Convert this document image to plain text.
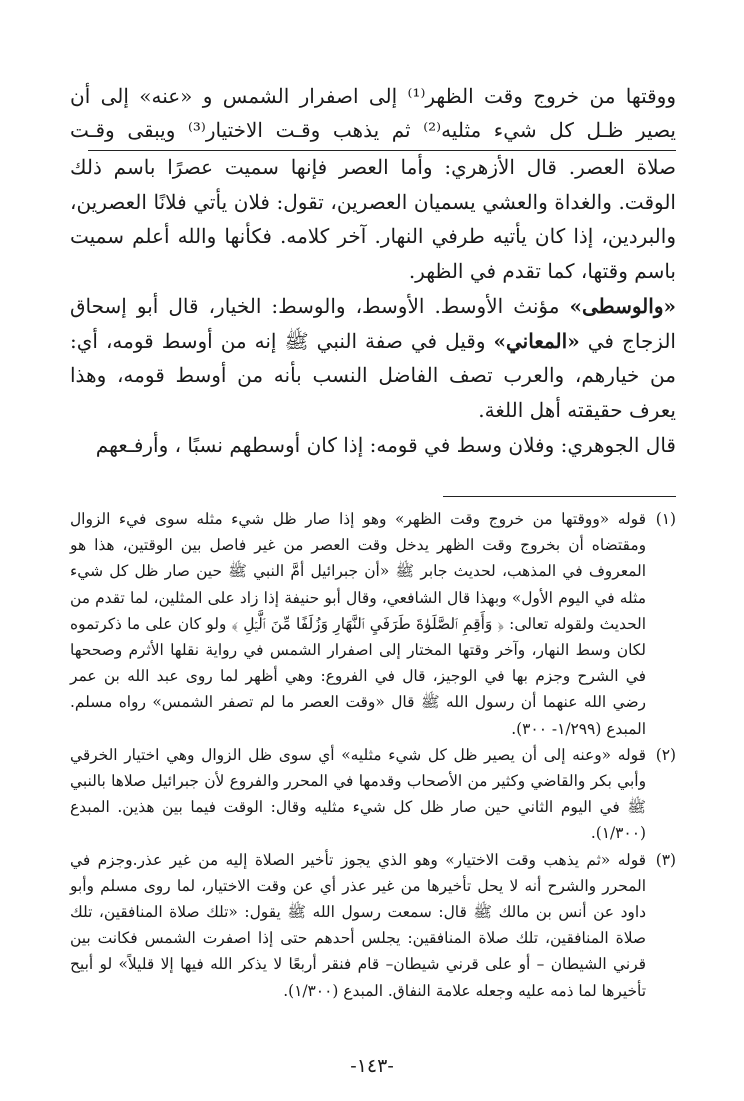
ووقتها من خروج وقت الظهر⁽¹⁾ إلى اصفرار الشمس و «عنه» إلى أن
يصير ظـل كل شيء مثليه⁽²⁾ ثم يذهب وقـت الاختيار⁽³⁾ ويبقى وقـت

صلاة العصر. قال الأزهري: وأما العصر فإنها سميت عصرًا باسم ذلك الوقت. والغداة والعشي يسميان العصرين، تقول: فلان يأتي فلانًا العصرين، والبردين، إذا كان يأتيه طرفي النهار. آخر كلامه. فكأنها والله أعلم سميت باسم وقتها، كما تقدم في الظهر.

«والوسطى» مؤنث الأوسط. الأوسط، والوسط: الخيار، قال أبو إسحاق الزجاج في «المعاني» وقيل في صفة النبي ﷺ إنه من أوسط قومه، أي: من خيارهم، والعرب تصف الفاضل النسب بأنه من أوسط قومه، وهذا يعرف حقيقته أهل اللغة.

قال الجوهري: وفلان وسط في قومه: إذا كان أوسطهم نسبًا ، وأرفـعهم

(١)
قوله «ووقتها من خروج وقت الظهر» وهو إذا صار ظل شيء مثله سوى فيء الزوال ومقتضاه أن بخروج وقت الظهر يدخل وقت العصر من غير فاصل بين الوقتين، هذا هو المعروف في المذهب، لحديث جابر ﷺ «أن جبرائيل أمَّ النبي ﷺ حين صار ظل كل شيء مثله في اليوم الأول» وبهذا قال الشافعي، وقال أبو حنيفة إذا زاد على المثلين، لما تقدم من الحديث ولقوله تعالى: ﴿ وَأَقِمِ ٱلصَّلَوٰةَ طَرَفَيِ ٱلنَّهَارِ وَزُلَفًا مِّنَ ٱلَّيۡلِ ﴾ ولو كان على ما ذكرتموه لكان وسط النهار، وآخر وقتها المختار إلى اصفرار الشمس في رواية نقلها الأثرم وصححها في الشرح وجزم بها في الوجيز، قال في الفروع: وهي أظهر لما روى عبد الله بن عمر رضي الله عنهما أن رسول الله ﷺ قال «وقت العصر ما لم تصفر الشمس» رواه مسلم. المبدع (١/٢٩٩- ٣٠٠).
(٢)
قوله «وعنه إلى أن يصير ظل كل شيء مثليه» أي سوى ظل الزوال وهي اختيار الخرقي وأبي بكر والقاضي وكثير من الأصحاب وقدمها في المحرر والفروع لأن جبرائيل صلاها بالنبي ﷺ في اليوم الثاني حين صار ظل كل شيء مثليه وقال: الوقت فيما بين هذين. المبدع (١/٣٠٠).
(٣)
قوله «ثم يذهب وقت الاختيار» وهو الذي يجوز تأخير الصلاة إليه من غير عذر.وجزم في المحرر والشرح أنه لا يحل تأخيرها من غير عذر أي عن وقت الاختيار، لما روى مسلم وأبو داود عن أنس بن مالك ﷺ قال: سمعت رسول الله ﷺ يقول: «تلك صلاة المنافقين، تلك صلاة المنافقين، تلك صلاة المنافقين: يجلس أحدهم حتى إذا اصفرت الشمس فكانت بين قرني الشيطان – أو على قرني شيطان– قام فنقر أربعًا لا يذكر الله فيها إلا قليلاً» لو أبيح تأخيرها لما ذمه عليه وجعله علامة النفاق. المبدع (١/٣٠٠).
-١٤٣-
